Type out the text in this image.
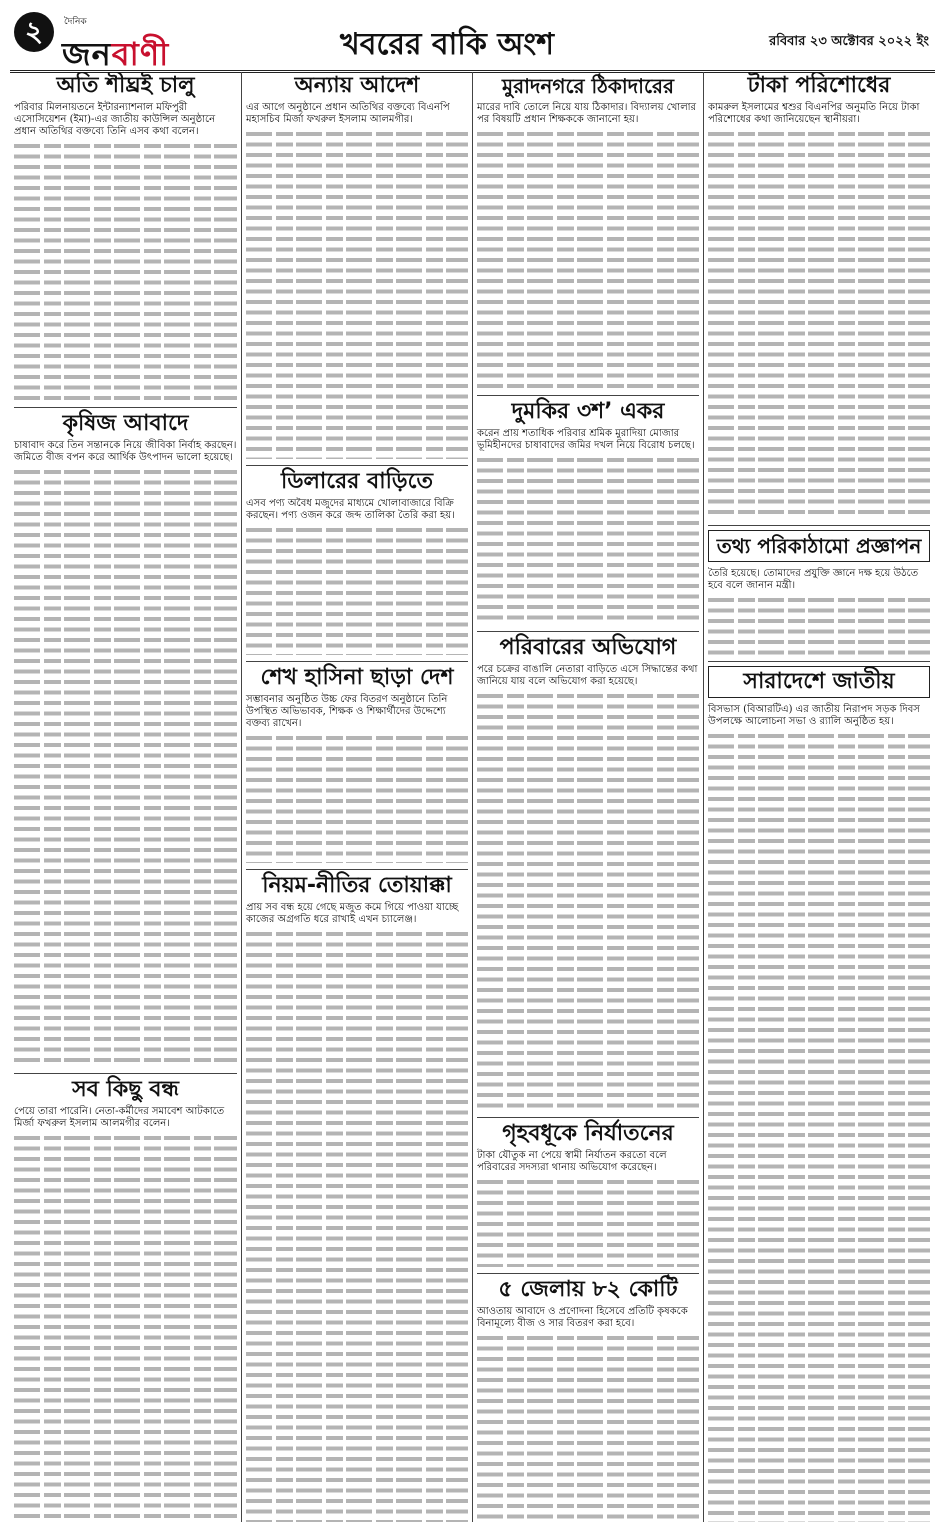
২	দৈনিক
জনবাণী	খবরের বাকি অংশ	রবিবার ২৩ অক্টোবর ২০২২ ইং
অতি শীঘ্রই চালু

পরিবার মিলনায়তনে ইন্টারন্যাশনাল মফিপুরী এসোসিয়েশন (ইমা)-এর জাতীয় কাউন্সিল অনুষ্ঠানে প্রধান অতিথির বক্তব্যে তিনি এসব কথা বলেন।

কৃষিজ আবাদে

চাষাবাদ করে তিন সন্তানকে নিয়ে জীবিকা নির্বাহ করছেন। জমিতে বীজ বপন করে আর্থিক উৎপাদন ভালো হয়েছে।

সব কিছু বন্ধ

পেয়ে তারা পারেনি। নেতা-কর্মীদের সমাবেশ আটকাতে মির্জা ফখরুল ইসলাম আলমগীর বলেন।

অন্যায় আদেশ

এর আগে অনুষ্ঠানে প্রধান অতিথির বক্তব্যে বিএনপি মহাসচিব মির্জা ফখরুল ইসলাম আলমগীর।

ডিলারের বাড়িতে

এসব পণ্য অবৈধ মজুদের মাধ্যমে খোলাবাজারে বিক্রি করছেন। পণ্য ওজন করে জব্দ তালিকা তৈরি করা হয়।

শেখ হাসিনা ছাড়া দেশ

সম্ভাবনার অনুষ্ঠিত উচ্চ ফের বিতরণ অনুষ্ঠানে তিনি উপস্থিত অভিভাবক, শিক্ষক ও শিক্ষার্থীদের উদ্দেশ্যে বক্তব্য রাখেন।

নিয়ম-নীতির তোয়াক্কা

প্রায় সব বন্ধ হয়ে গেছে মজুত কমে গিয়ে পাওয়া যাচ্ছে কাজের অগ্রগতি ধরে রাখাই এখন চ্যালেঞ্জ।

মুরাদনগরে ঠিকাদারের

মারের দাবি তোলে নিয়ে যায় ঠিকাদার। বিদ্যালয় খোলার পর বিষয়টি প্রধান শিক্ষককে জানানো হয়।

দুমকির ৩শ’ একর

করেন প্রায় শতাধিক পরিবার শ্রমিক মুরাদিয়া মোজার ভূমিহীনদের চাষাবাদের জমির দখল নিয়ে বিরোধ চলছে।

পরিবারের অভিযোগ

পরে চক্রের বাঙালি নেতারা বাড়িতে এসে সিদ্ধান্তের কথা জানিয়ে যায় বলে অভিযোগ করা হয়েছে।

গৃহবধূকে নির্যাতনের

টাকা যৌতুক না পেয়ে স্বামী নির্যাতন করতো বলে পরিবারের সদস্যরা থানায় অভিযোগ করেছেন।

৫ জেলায় ৮২ কোটি

আওতায় আবাদে ও প্রণোদনা হিসেবে প্রতিটি কৃষককে বিনামূল্যে বীজ ও সার বিতরণ করা হবে।

টাকা পরিশোধের

কামরুল ইসলামের শ্বশুর বিএনপির অনুমতি নিয়ে টাকা পরিশোধের কথা জানিয়েছেন স্থানীয়রা।

তথ্য পরিকাঠামো প্রজ্ঞাপন

তৈরি হয়েছে। তোমাদের প্রযুক্তি জ্ঞানে দক্ষ হয়ে উঠতে হবে বলে জানান মন্ত্রী।

সারাদেশে জাতীয়

বিসভাস (বিআরটিএ) এর জাতীয় নিরাপদ সড়ক দিবস উপলক্ষে আলোচনা সভা ও র‍্যালি অনুষ্ঠিত হয়।
